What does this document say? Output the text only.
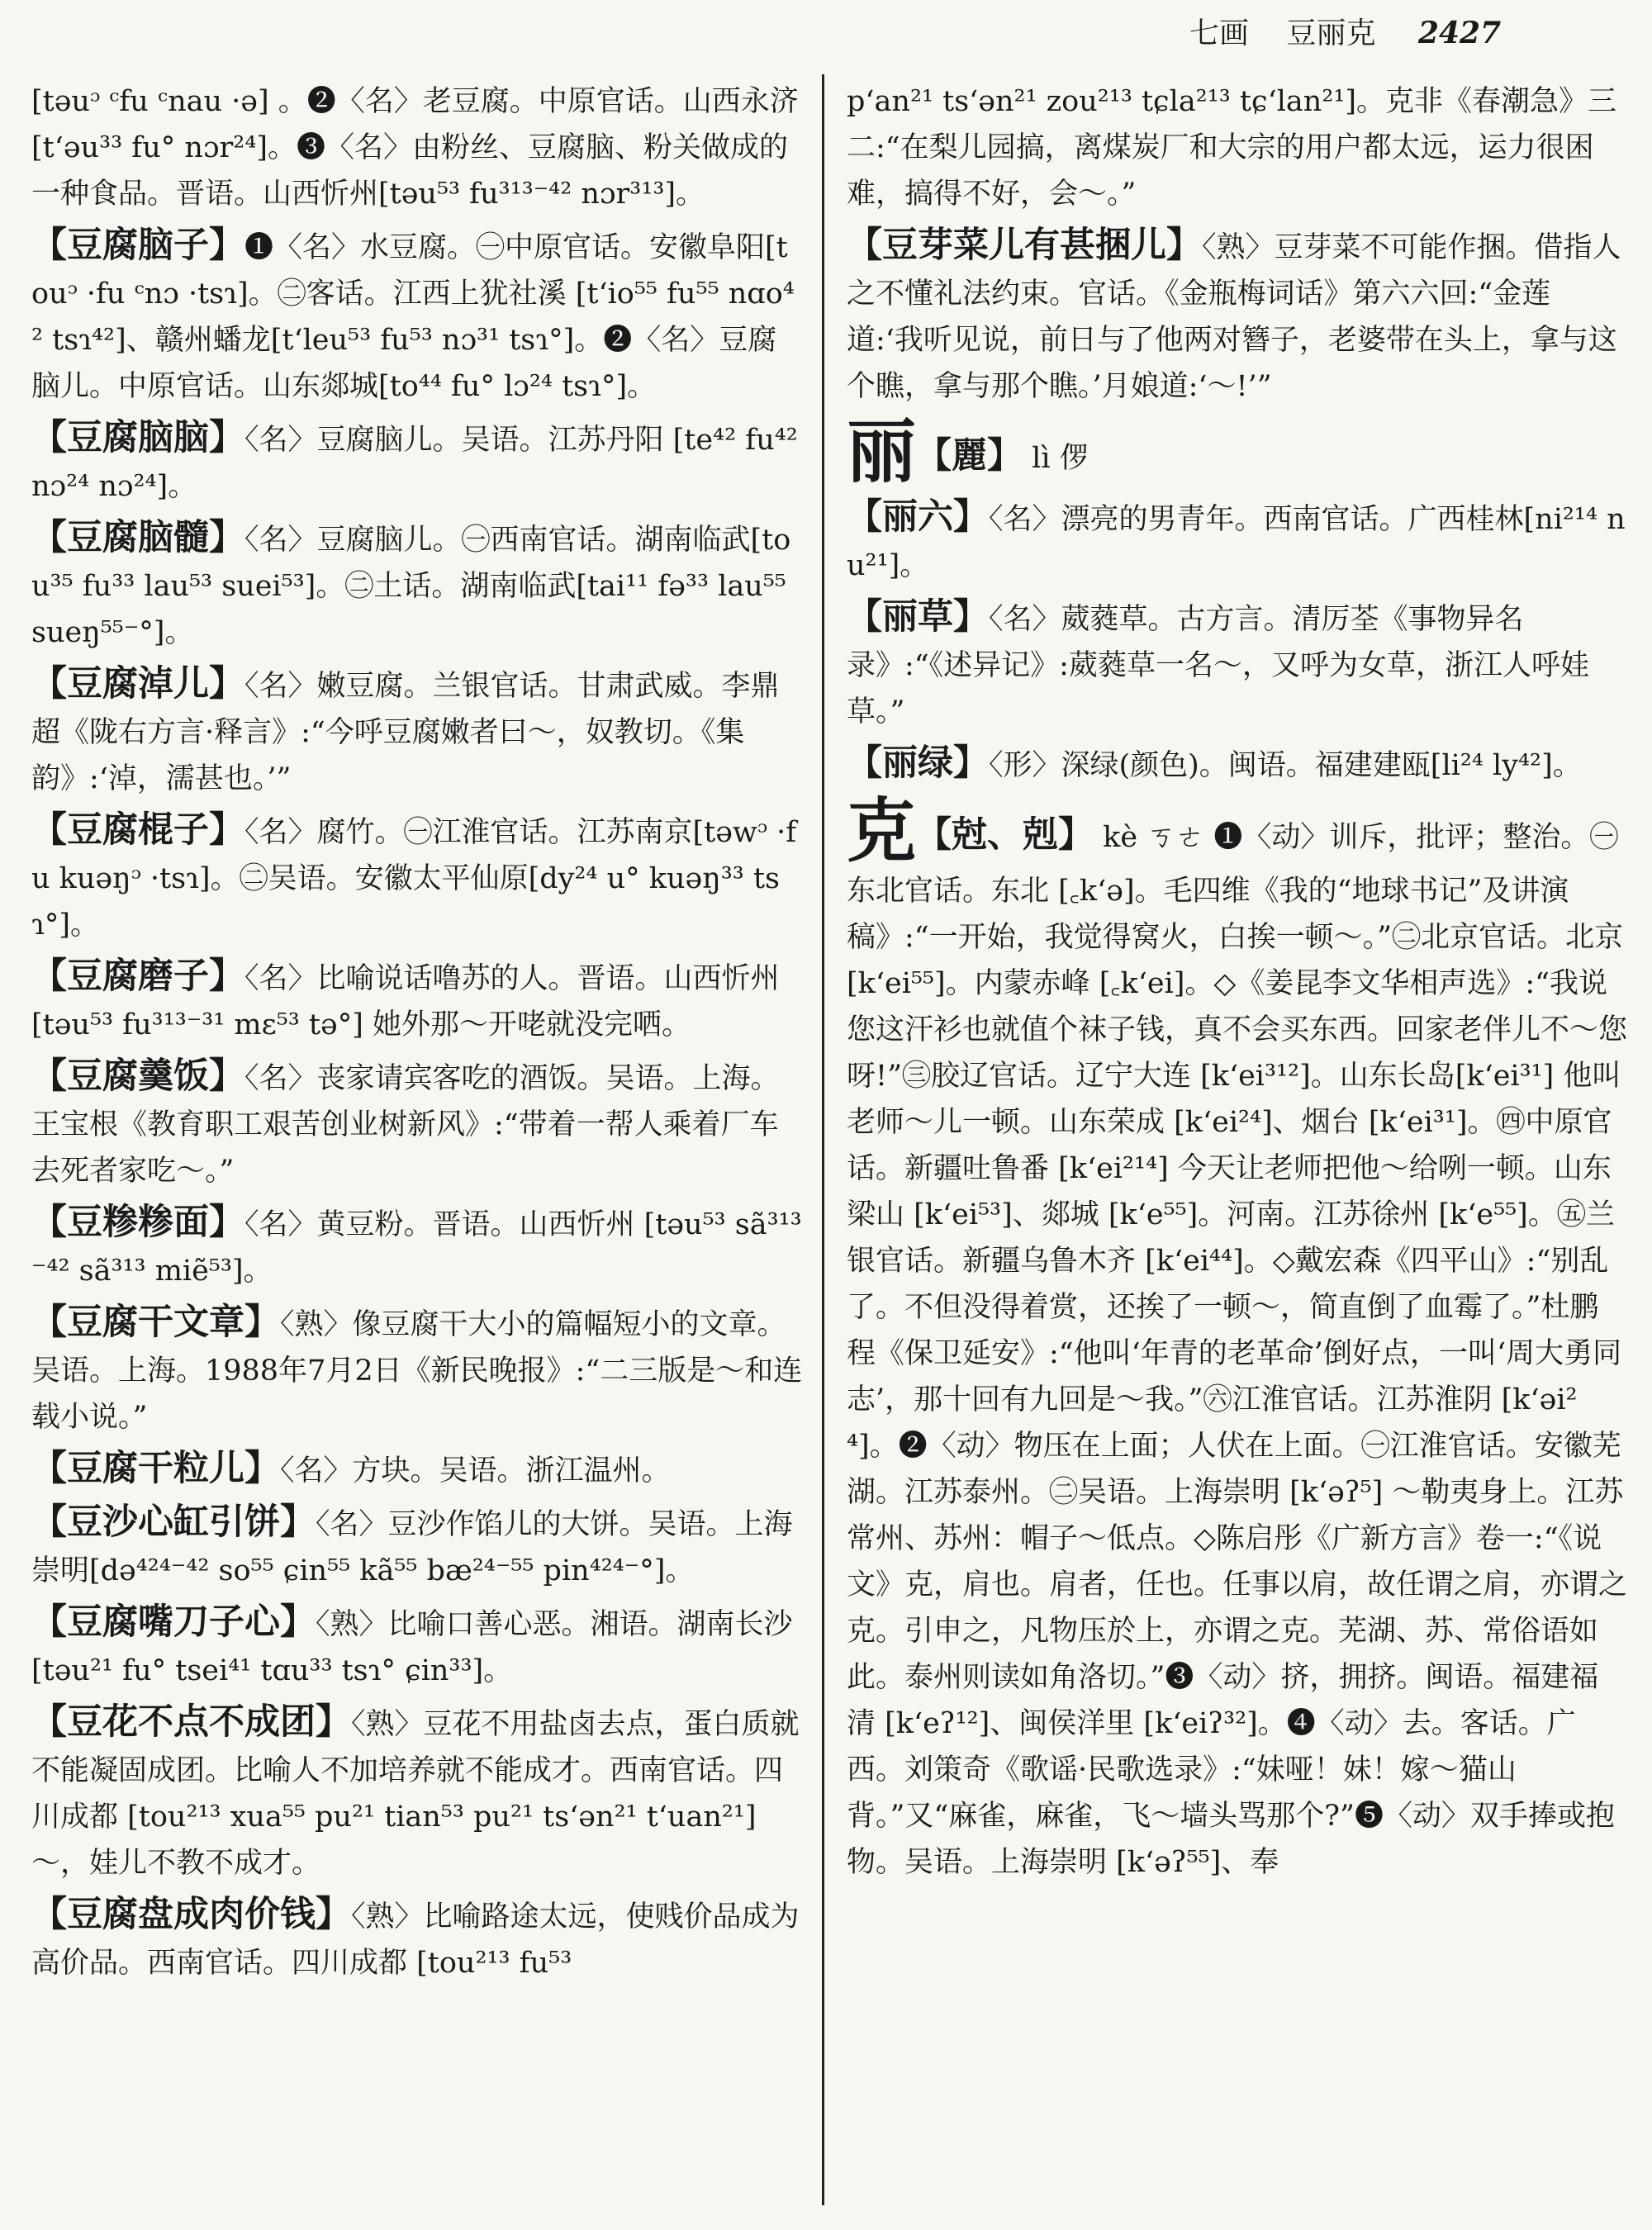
七画 豆丽克 2427

[təuᵓ ᶜfu ᶜnau ·ə] 。❷〈名〉老豆腐。中原官话。山西永济[tʻəu³³ fu° nɔr²⁴]。❸〈名〉由粉丝、豆腐脑、粉关做成的一种食品。晋语。山西忻州[təu⁵³ fu³¹³⁻⁴² nɔr³¹³]。

【豆腐脑子】❶〈名〉水豆腐。㊀中原官话。安徽阜阳[touᵓ ·fu ᶜnɔ ·tsɿ]。㊁客话。江西上犹社溪 [tʻio⁵⁵ fu⁵⁵ nɑo⁴² tsɿ⁴²]、赣州蟠龙[tʻleu⁵³ fu⁵³ nɔ³¹ tsɿ°]。❷〈名〉豆腐脑儿。中原官话。山东郯城[to⁴⁴ fu° lɔ²⁴ tsɿ°]。

【豆腐脑脑】〈名〉豆腐脑儿。吴语。江苏丹阳 [te⁴² fu⁴² nɔ²⁴ nɔ²⁴]。

【豆腐脑髓】〈名〉豆腐脑儿。㊀西南官话。湖南临武[tou³⁵ fu³³ lau⁵³ suei⁵³]。㊁土话。湖南临武[tai¹¹ fə³³ lau⁵⁵ sueŋ⁵⁵⁻°]。

【豆腐淖儿】〈名〉嫩豆腐。兰银官话。甘肃武威。李鼎超《陇右方言·释言》:“今呼豆腐嫩者曰～，奴教切。《集韵》:‘淖，濡甚也。’”

【豆腐棍子】〈名〉腐竹。㊀江淮官话。江苏南京[təwᵓ ·fu kuəŋᵓ ·tsɿ]。㊁吴语。安徽太平仙原[dy²⁴ u° kuəŋ³³ tsɿ°]。

【豆腐磨子】〈名〉比喻说话噜苏的人。晋语。山西忻州 [təu⁵³ fu³¹³⁻³¹ mɛ⁵³ tə°] 她外那～开咾就没完哂。

【豆腐羹饭】〈名〉丧家请宾客吃的酒饭。吴语。上海。王宝根《教育职工艰苦创业树新风》:“带着一帮人乘着厂车去死者家吃～。”

【豆糁糁面】〈名〉黄豆粉。晋语。山西忻州 [təu⁵³ sã³¹³⁻⁴² sã³¹³ miẽ⁵³]。

【豆腐干文章】〈熟〉像豆腐干大小的篇幅短小的文章。吴语。上海。1988年7月2日《新民晚报》:“二三版是～和连载小说。”

【豆腐干粒儿】〈名〉方块。吴语。浙江温州。

【豆沙心缸引饼】〈名〉豆沙作馅儿的大饼。吴语。上海崇明[də⁴²⁴⁻⁴² so⁵⁵ ɕin⁵⁵ kã⁵⁵ bæ²⁴⁻⁵⁵ pin⁴²⁴⁻°]。

【豆腐嘴刀子心】〈熟〉比喻口善心恶。湘语。湖南长沙 [təu²¹ fu° tsei⁴¹ tɑu³³ tsɿ° ɕin³³]。

【豆花不点不成团】〈熟〉豆花不用盐卤去点，蛋白质就不能凝固成团。比喻人不加培养就不能成才。西南官话。四川成都 [tou²¹³ xua⁵⁵ pu²¹ tian⁵³ pu²¹ tsʻən²¹ tʻuan²¹] ～，娃儿不教不成才。

【豆腐盘成肉价钱】〈熟〉比喻路途太远，使贱价品成为高价品。西南官话。四川成都 [tou²¹³ fu⁵³

pʻan²¹ tsʻən²¹ zou²¹³ tɕla²¹³ tɕʻlan²¹]。克非《春潮急》三二:“在梨儿园搞，离煤炭厂和大宗的用户都太远，运力很困难，搞得不好，会～。”

【豆芽菜儿有甚捆儿】〈熟〉豆芽菜不可能作捆。借指人之不懂礼法约束。官话。《金瓶梅词话》第六六回:“金莲道:‘我听见说，前日与了他两对簪子，老婆带在头上，拿与这个瞧，拿与那个瞧。’月娘道:‘～!’”

丽【麗】 lì 㑩

【丽六】〈名〉漂亮的男青年。西南官话。广西桂林[ni²¹⁴ nu²¹]。

【丽草】〈名〉葳蕤草。古方言。清厉荃《事物异名录》:“《述异记》:葳蕤草一名～，又呼为女草，浙江人呼娃草。”

【丽绿】〈形〉深绿(颜色)。闽语。福建建瓯[li²⁴ ly⁴²]。

克【尅、剋】 kè ㄎㄜ ❶〈动〉训斥，批评；整治。㊀东北官话。东北 [꜀kʻə]。毛四维《我的“地球书记”及讲演稿》:“一开始，我觉得窝火，白挨一顿～。”㊁北京官话。北京 [kʻei⁵⁵]。内蒙赤峰 [꜀kʻei]。◇《姜昆李文华相声选》:“我说您这汗衫也就值个袜子钱，真不会买东西。回家老伴儿不～您呀!”㊂胶辽官话。辽宁大连 [kʻei³¹²]。山东长岛[kʻei³¹] 他叫老师～儿一顿。山东荣成 [kʻei²⁴]、烟台 [kʻei³¹]。㊃中原官话。新疆吐鲁番 [kʻei²¹⁴] 今天让老师把他～给咧一顿。山东梁山 [kʻei⁵³]、郯城 [kʻe⁵⁵]。河南。江苏徐州 [kʻe⁵⁵]。㊄兰银官话。新疆乌鲁木齐 [kʻei⁴⁴]。◇戴宏森《四平山》:“别乱了。不但没得着赏，还挨了一顿～，简直倒了血霉了。”杜鹏程《保卫延安》:“他叫‘年青的老革命’倒好点，一叫‘周大勇同志’，那十回有九回是～我。”㊅江淮官话。江苏淮阴 [kʻəi²⁴]。❷〈动〉物压在上面；人伏在上面。㊀江淮官话。安徽芜湖。江苏泰州。㊁吴语。上海崇明 [kʻəʔ⁵] ～勒夷身上。江苏常州、苏州：帽子～低点。◇陈启彤《广新方言》卷一:“《说文》克，肩也。肩者，任也。任事以肩，故任谓之肩，亦谓之克。引申之，凡物压於上，亦谓之克。芜湖、苏、常俗语如此。泰州则读如角洛切。”❸〈动〉挤，拥挤。闽语。福建福清 [kʻeʔ¹²]、闽侯洋里 [kʻeiʔ³²]。❹〈动〉去。客话。广西。刘策奇《歌谣·民歌选录》:“妹哑！妹！嫁～猫山背。”又“麻雀，麻雀，飞～墙头骂那个?”❺〈动〉双手捧或抱物。吴语。上海崇明 [kʻəʔ⁵⁵]、奉
